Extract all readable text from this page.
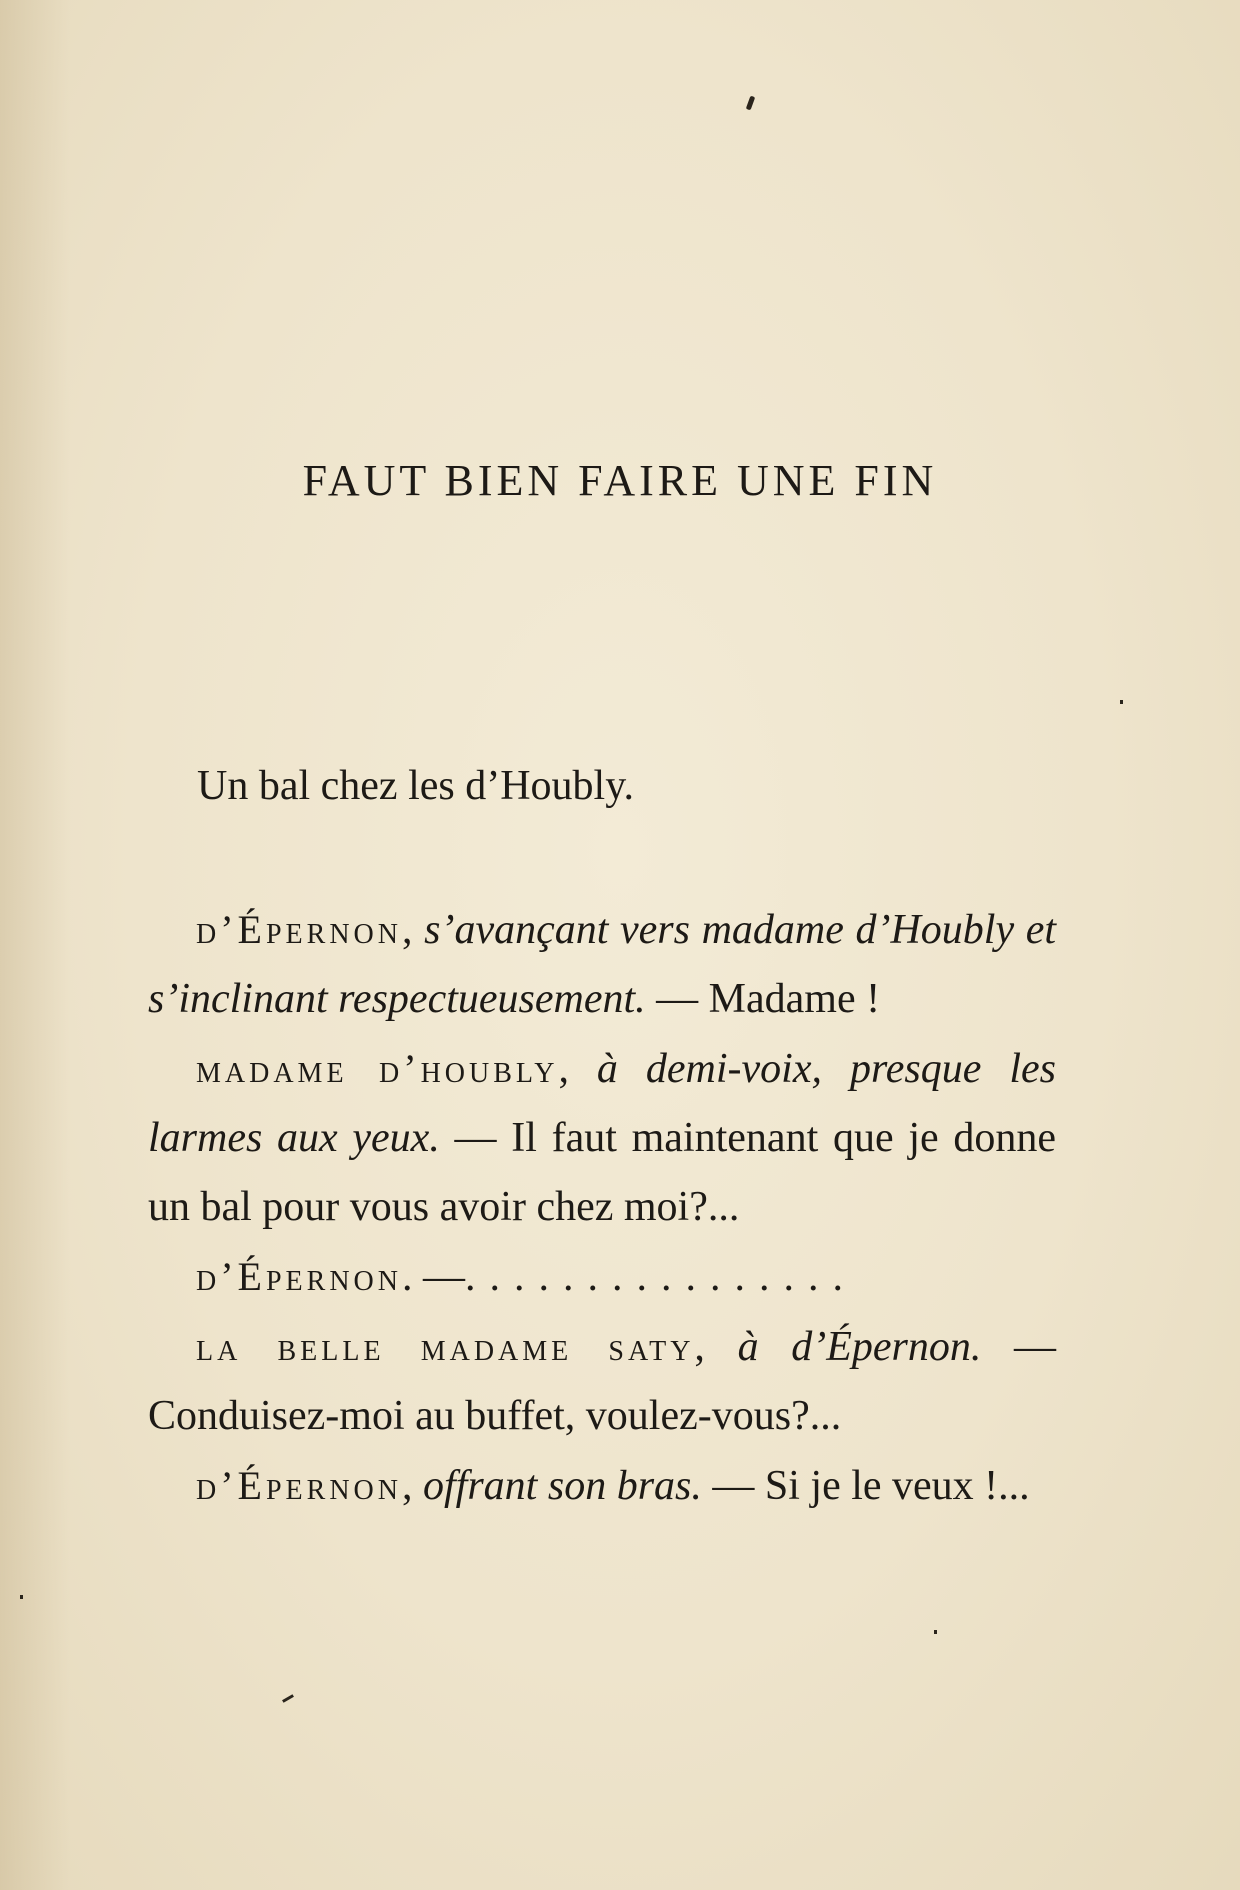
FAUT BIEN FAIRE UNE FIN

Un bal chez les d’Houbly.

d’Épernon, s’avançant vers madame d’Houbly et s’inclinant respectueusement. — Madame !

madame d’houbly, à demi-voix, presque les larmes aux yeux. — Il faut maintenant que je donne un bal pour vous avoir chez moi?...

d’Épernon. —................

la belle madame saty, à d’Épernon. — Conduisez-moi au buffet, voulez-vous?...

d’Épernon, offrant son bras. — Si je le veux !...
